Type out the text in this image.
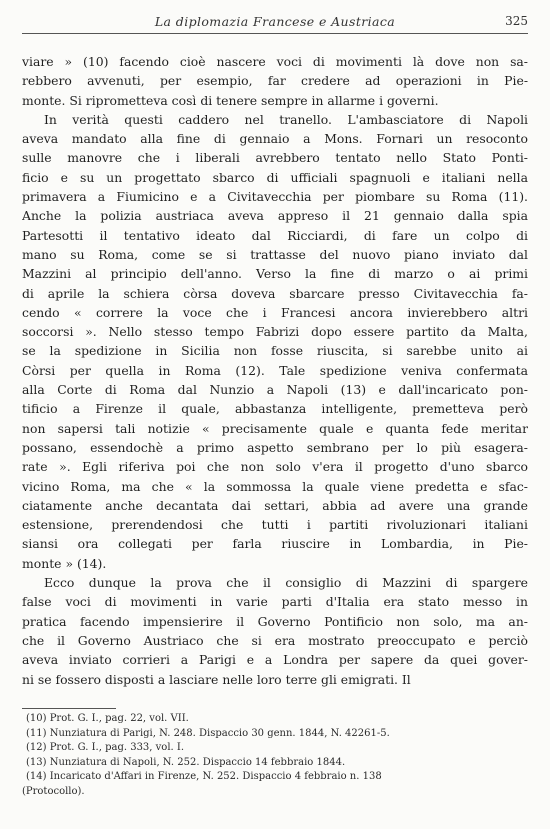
La diplomazia Francese e Austriaca	325
viare » (10) facendo cioè nascere voci di movimenti là dove non sa-
rebbero avvenuti, per esempio, far credere ad operazioni in Pie-
monte. Si riprometteva così di tenere sempre in allarme i governi.
In verità questi caddero nel tranello. L'ambasciatore di Napoli
aveva mandato alla fine di gennaio a Mons. Fornari un resoconto
sulle manovre che i liberali avrebbero tentato nello Stato Ponti-
ficio e su un progettato sbarco di ufficiali spagnuoli e italiani nella
primavera a Fiumicino e a Civitavecchia per piombare su Roma (11).
Anche la polizia austriaca aveva appreso il 21 gennaio dalla spia
Partesotti il tentativo ideato dal Ricciardi, di fare un colpo di
mano su Roma, come se si trattasse del nuovo piano inviato dal
Mazzini al principio dell'anno. Verso la fine di marzo o ai primi
di aprile la schiera còrsa doveva sbarcare presso Civitavecchia fa-
cendo « correre la voce che i Francesi ancora invierebbero altri
soccorsi ». Nello stesso tempo Fabrizi dopo essere partito da Malta,
se la spedizione in Sicilia non fosse riuscita, si sarebbe unito ai
Còrsi per quella in Roma (12). Tale spedizione veniva confermata
alla Corte di Roma dal Nunzio a Napoli (13) e dall'incaricato pon-
tificio a Firenze il quale, abbastanza intelligente, premetteva però
non sapersi tali notizie « precisamente quale e quanta fede meritar
possano, essendochè a primo aspetto sembrano per lo più esagera-
rate ». Egli riferiva poi che non solo v'era il progetto d'uno sbarco
vicino Roma, ma che « la sommossa la quale viene predetta e sfac-
ciatamente anche decantata dai settari, abbia ad avere una grande
estensione, prerendendosi che tutti i partiti rivoluzionari italiani
siansi ora collegati per farla riuscire in Lombardia, in Pie-
monte » (14).
Ecco dunque la prova che il consiglio di Mazzini di spargere
false voci di movimenti in varie parti d'Italia era stato messo in
pratica facendo impensierire il Governo Pontificio non solo, ma an-
che il Governo Austriaco che si era mostrato preoccupato e perciò
aveva inviato corrieri a Parigi e a Londra per sapere da quei gover-
ni se fossero disposti a lasciare nelle loro terre gli emigrati. Il
(10) Prot. G. I., pag. 22, vol. VII.
(11) Nunziatura di Parigi, N. 248. Dispaccio 30 genn. 1844, N. 42261-5.
(12) Prot. G. I., pag. 333, vol. I.
(13) Nunziatura di Napoli, N. 252. Dispaccio 14 febbraio 1844.
(14) Incaricato d'Affari in Firenze, N. 252. Dispaccio 4 febbraio n. 138
(Protocollo).
